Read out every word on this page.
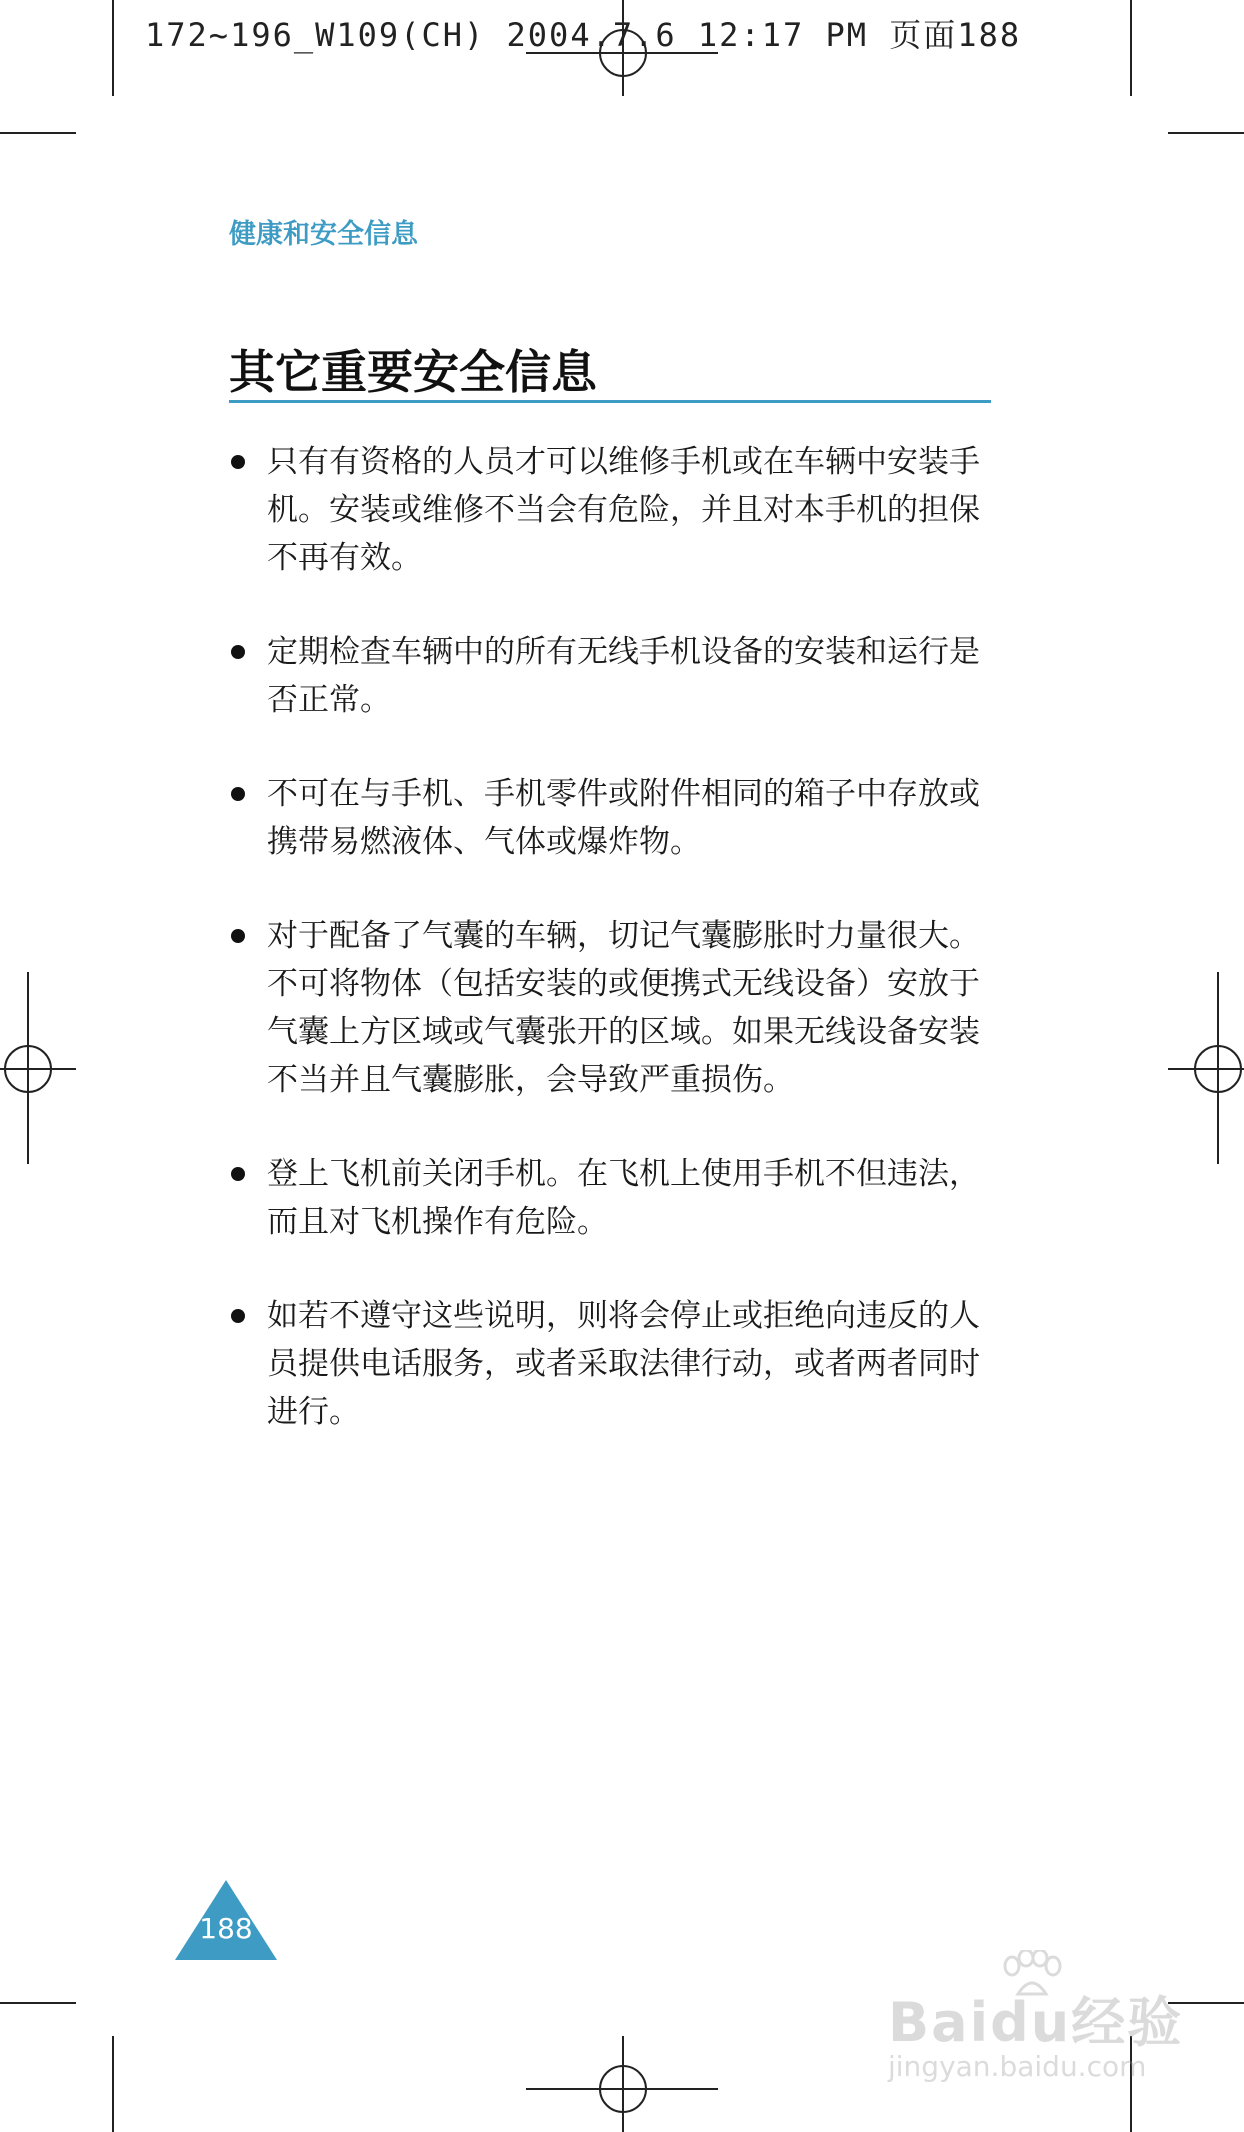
172~196_W109(CH) 2004.7.6 12:17 PM 页面188
健康和安全信息
其它重要安全信息
只有有资格的人员才可以维修手机或在车辆中安装手机。安装或维修不当会有危险，并且对本手机的担保不再有效。
定期检查车辆中的所有无线手机设备的安装和运行是否正常。
不可在与手机、手机零件或附件相同的箱子中存放或携带易燃液体、气体或爆炸物。
对于配备了气囊的车辆，切记气囊膨胀时力量很大。不可将物体（包括安装的或便携式无线设备）安放于气囊上方区域或气囊张开的区域。如果无线设备安装不当并且气囊膨胀，会导致严重损伤。
登上飞机前关闭手机。在飞机上使用手机不但违法，而且对飞机操作有危险。
如若不遵守这些说明，则将会停止或拒绝向违反的人员提供电话服务，或者采取法律行动，或者两者同时进行。
188
Baidu经验
jingyan.baidu.com
